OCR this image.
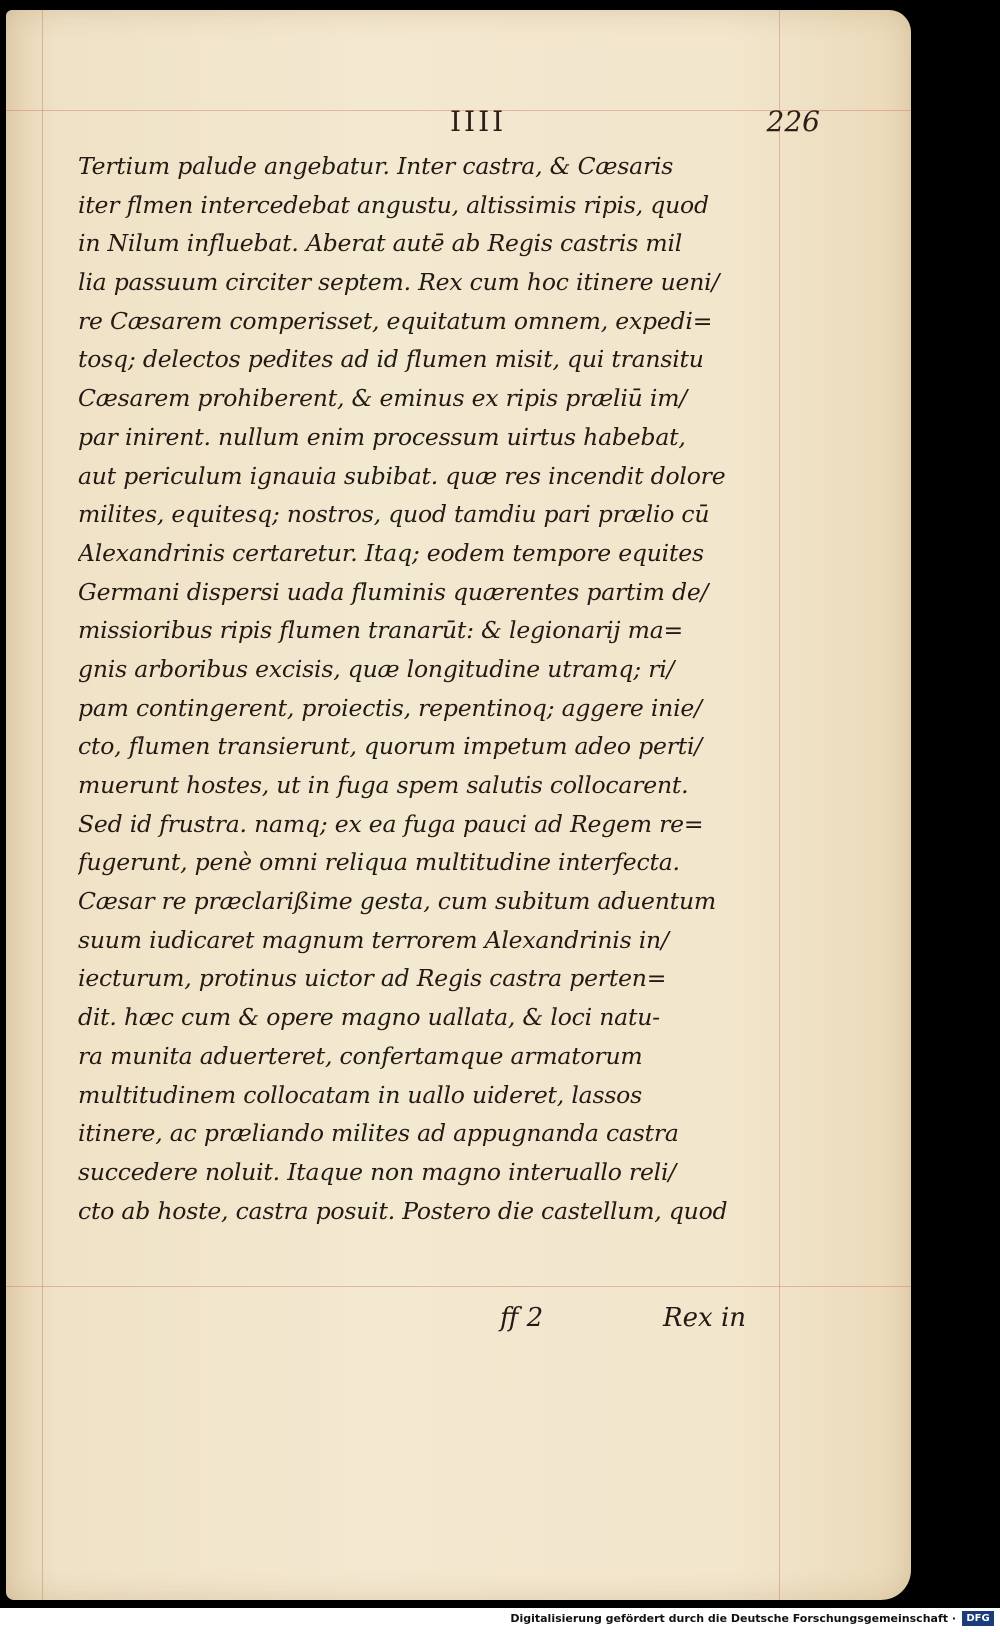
IIII	226
Tertium palude angebatur. Inter castra, & Cæsaris
iter flmen intercedebat angustu, altissimis ripis, quod
in Nilum influebat. Aberat autē ab Regis castris mil
lia passuum circiter septem. Rex cum hoc itinere ueni/
re Cæsarem comperisset, equitatum omnem, expedi=
tosq; delectos pedites ad id flumen misit, qui transitu
Cæsarem prohiberent, & eminus ex ripis præliū im/
par inirent. nullum enim processum uirtus habebat,
aut periculum ignauia subibat. quæ res incendit dolore
milites, equitesq; nostros, quod tamdiu pari prælio cū
Alexandrinis certaretur. Itaq; eodem tempore equites
Germani dispersi uada fluminis quærentes partim de/
missioribus ripis flumen tranarūt: & legionarij ma=
gnis arboribus excisis, quæ longitudine utramq; ri/
pam contingerent, proiectis, repentinoq; aggere inie/
cto, flumen transierunt, quorum impetum adeo perti/
muerunt hostes, ut in fuga spem salutis collocarent.
Sed id frustra. namq; ex ea fuga pauci ad Regem re=
fugerunt, penè omni reliqua multitudine interfecta.
Cæsar re præclarißime gesta, cum subitum aduentum
suum iudicaret magnum terrorem Alexandrinis in/
iecturum, protinus uictor ad Regis castra perten=
dit. hæc cum & opere magno uallata, & loci natu-
ra munita aduerteret, confertamque armatorum
multitudinem collocatam in uallo uideret, lassos
itinere, ac præliando milites ad appugnanda castra
succedere noluit. Itaque non magno interuallo reli/
cto ab hoste, castra posuit. Postero die castellum, quod
ff 2	Rex in
Digitalisierung gefördert durch die Deutsche Forschungsgemeinschaft ·	DFG
